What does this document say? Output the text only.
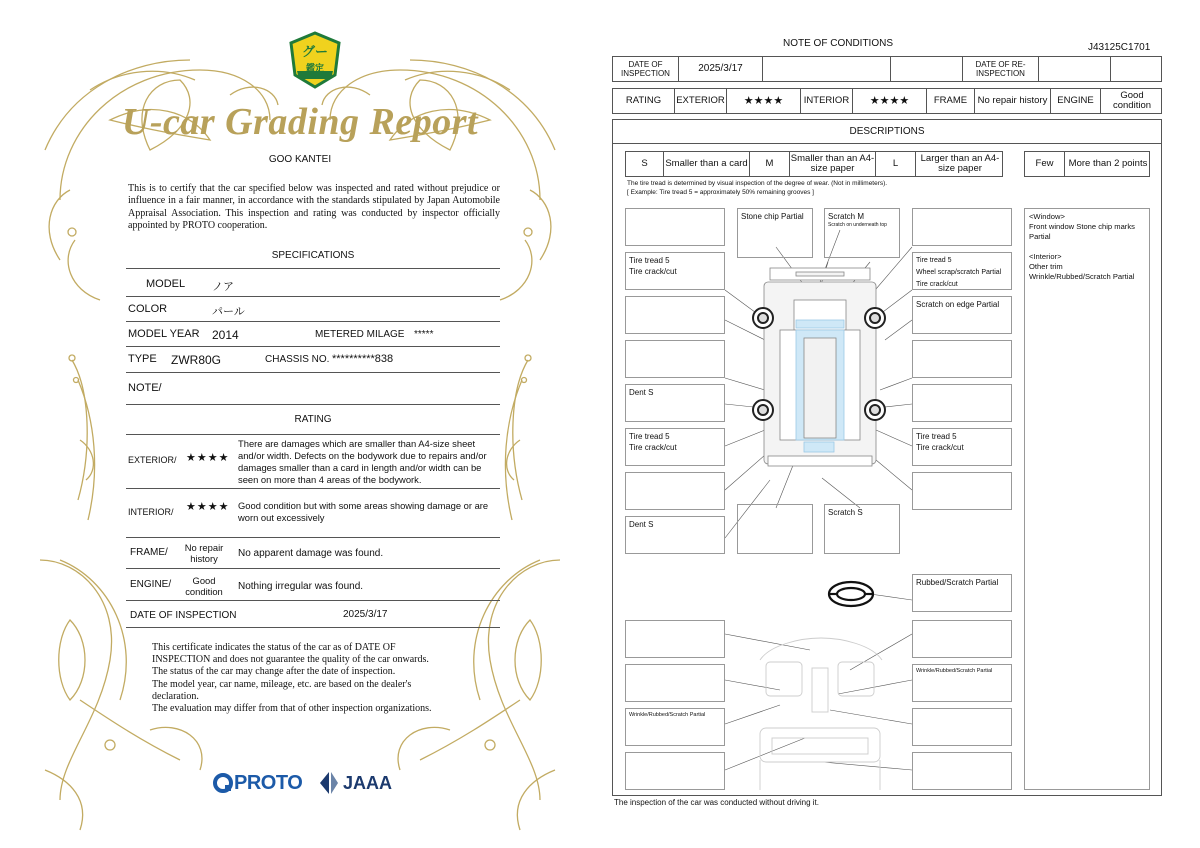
グー
鑑定
U-car Grading Report
GOO KANTEI
This is to certify that the car specified below was inspected and rated without prejudice or influence in a fair manner, in accordance with the standards stipulated by Japan Automobile Appraisal Association. This inspection and rating was conducted by inspector officially appointed by PROTO cooperation.
SPECIFICATIONS
MODEL ノア
COLOR	パール
MODEL YEAR 2014	METERED MILAGE *****
TYPE ZWR80G	CHASSIS NO. **********838
NOTE/
RATING
EXTERIOR/ ★★★★
There are damages which are smaller than A4-size sheet and/or width. Defects on the bodywork due to repairs and/or damages smaller than a card in length and/or width can be seen on more than 4 areas of the bodywork.
INTERIOR/ ★★★★ Good condition but with some areas showing damage or are worn out excessively
FRAME/	No repair history	No apparent damage was found.
ENGINE/	Good condition	Nothing irregular was found.
DATE OF INSPECTION	2025/3/17
This certificate indicates the status of the car as of DATE OF
INSPECTION and does not guarantee the quality of the car onwards.
The status of the car may change after the date of inspection.
The model year, car name, mileage, etc. are based on the dealer's
declaration.
The evaluation may differ from that of other inspection organizations.
PROTO JAAA
NOTE OF CONDITIONS	J43125C1701
DATE OF INSPECTION	2025/3/17	DATE OF RE-INSPECTION
RATING	EXTERIOR	★★★★	INTERIOR	★★★★	FRAME	No repair history	ENGINE	Good condition
DESCRIPTIONS
S	Smaller than a card	M	Smaller than an A4-size paper	L	Larger than an A4-size paper	Few	More than 2 points
The tire tread is determined by visual inspection of the degree of wear. (Not in millimeters).
[ Example: Tire tread 5 = approximately 50% remaining grooves ]
Tire tread 5
Tire crack/cut
Dent S
Tire tread 5
Tire crack/cut
Dent S
Scratch S
Stone chip Partial	Scratch M
Scratch on underneath top
Tire tread 5
Wheel scrap/scratch Partial
Tire crack/cut
Scratch on edge Partial
Tire tread 5
Tire crack/cut
Rubbed/Scratch Partial
Wrinkle/Rubbed/Scratch Partial
Wrinkle/Rubbed/Scratch Partial
<Window>
Front window Stone chip marks Partial

<Interior>
Other trim
Wrinkle/Rubbed/Scratch Partial
The inspection of the car was conducted without driving it.
